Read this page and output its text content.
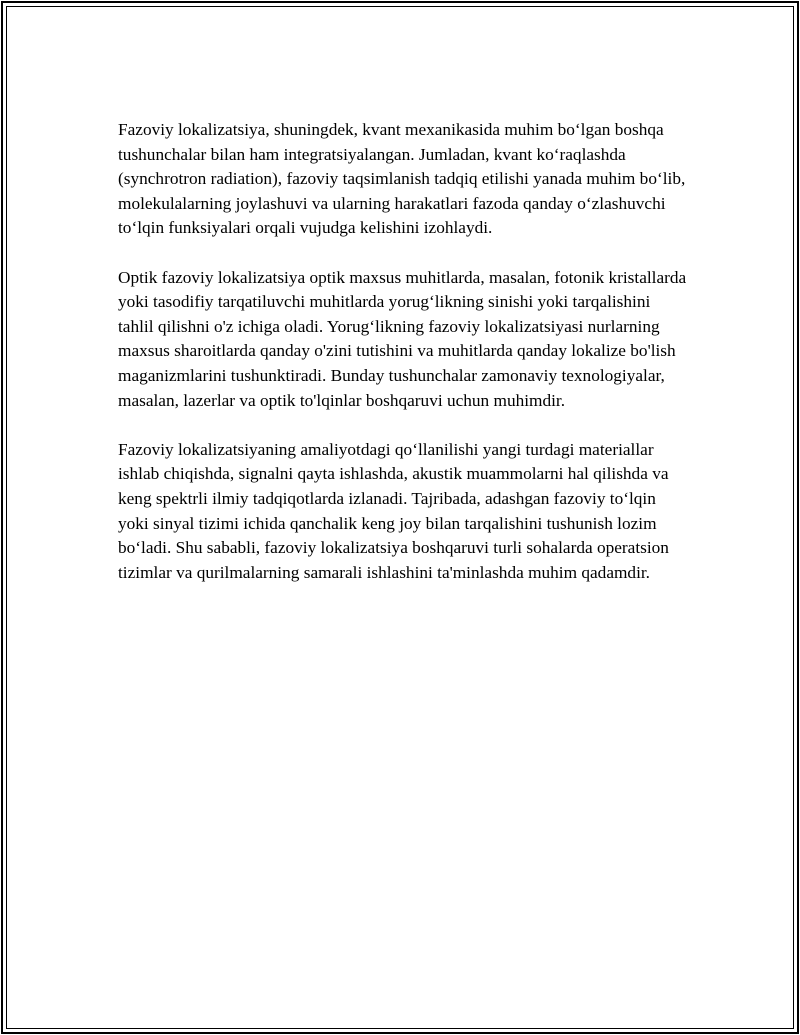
Fazoviy lokalizatsiya, shuningdek, kvant mexanikasida muhim boʻlgan boshqa tushunchalar bilan ham integratsiyalangan. Jumladan, kvant koʻraqlashda (synchrotron radiation), fazoviy taqsimlanish tadqiq etilishi yanada muhim boʻlib, molekulalarning joylashuvi va ularning harakatlari fazoda qanday oʻzlashuvchi toʻlqin funksiyalari orqali vujudga kelishini izohlaydi.

Optik fazoviy lokalizatsiya optik maxsus muhitlarda, masalan, fotonik kristallarda yoki tasodifiy tarqatiluvchi muhitlarda yorugʻlikning sinishi yoki tarqalishini tahlil qilishni o'z ichiga oladi. Yorugʻlikning fazoviy lokalizatsiyasi nurlarning maxsus sharoitlarda qanday o'zini tutishini va muhitlarda qanday lokalize bo'lish maganizmlarini tushunktiradi. Bunday tushunchalar zamonaviy texnologiyalar, masalan, lazerlar va optik to'lqinlar boshqaruvi uchun muhimdir.

Fazoviy lokalizatsiyaning amaliyotdagi qoʻllanilishi yangi turdagi materiallar ishlab chiqishda, signalni qayta ishlashda, akustik muammolarni hal qilishda va keng spektrli ilmiy tadqiqotlarda izlanadi. Tajribada, adashgan fazoviy toʻlqin yoki sinyal tizimi ichida qanchalik keng joy bilan tarqalishini tushunish lozim boʻladi. Shu sababli, fazoviy lokalizatsiya boshqaruvi turli sohalarda operatsion tizimlar va qurilmalarning samarali ishlashini ta'minlashda muhim qadamdir.
